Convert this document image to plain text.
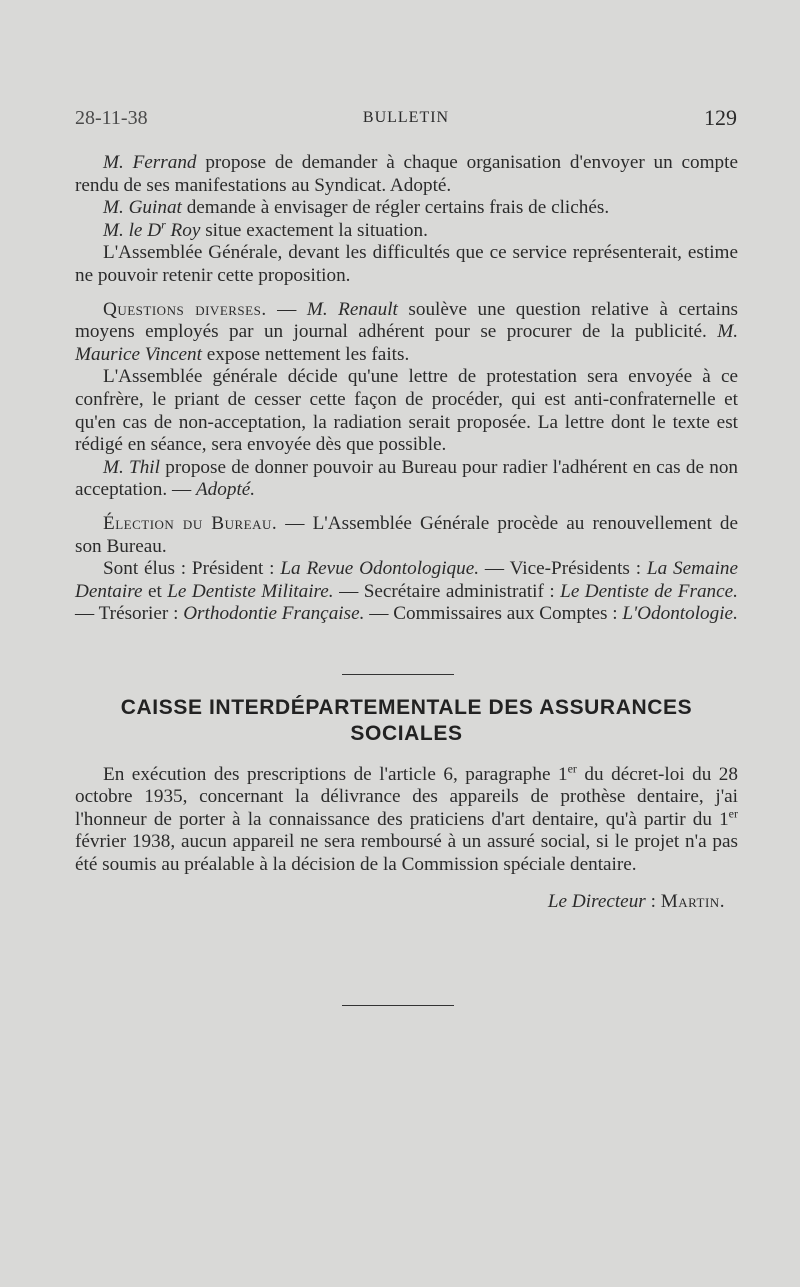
28-11-38	BULLETIN	129

M. Ferrand propose de demander à chaque organisation d'envoyer un compte rendu de ses manifestations au Syndicat. Adopté.

M. Guinat demande à envisager de régler certains frais de clichés.

M. le $D^r$ Roy situe exactement la situation.

L'Assemblée Générale, devant les difficultés que ce service représenterait, estime ne pouvoir retenir cette proposition.

Questions diverses. — M. Renault soulève une question relative à certains moyens employés par un journal adhérent pour se procurer de la publicité. M. Maurice Vincent expose nettement les faits.

L'Assemblée générale décide qu'une lettre de protestation sera envoyée à ce confrère, le priant de cesser cette façon de procéder, qui est anti-confraternelle et qu'en cas de non-acceptation, la radiation serait proposée. La lettre dont le texte est rédigé en séance, sera envoyée dès que possible.

M. Thil propose de donner pouvoir au Bureau pour radier l'adhérent en cas de non acceptation. — Adopté.

Élection du Bureau. — L'Assemblée Générale procède au renouvellement de son Bureau.

Sont élus : Président : La Revue Odontologique. — Vice-Présidents : La Semaine Dentaire et Le Dentiste Militaire. — Secrétaire administratif : Le Dentiste de France. — Trésorier : Orthodontie Française. — Commissaires aux Comptes : L'Odontologie.

CAISSE INTERDÉPARTEMENTALE DES ASSURANCES
SOCIALES

En exécution des prescriptions de l'article 6, paragraphe 1er du décret-loi du 28 octobre 1935, concernant la délivrance des appareils de prothèse dentaire, j'ai l'honneur de porter à la connaissance des praticiens d'art dentaire, qu'à partir du 1er février 1938, aucun appareil ne sera remboursé à un assuré social, si le projet n'a pas été soumis au préalable à la décision de la Commission spéciale dentaire.

Le Directeur : Martin.
